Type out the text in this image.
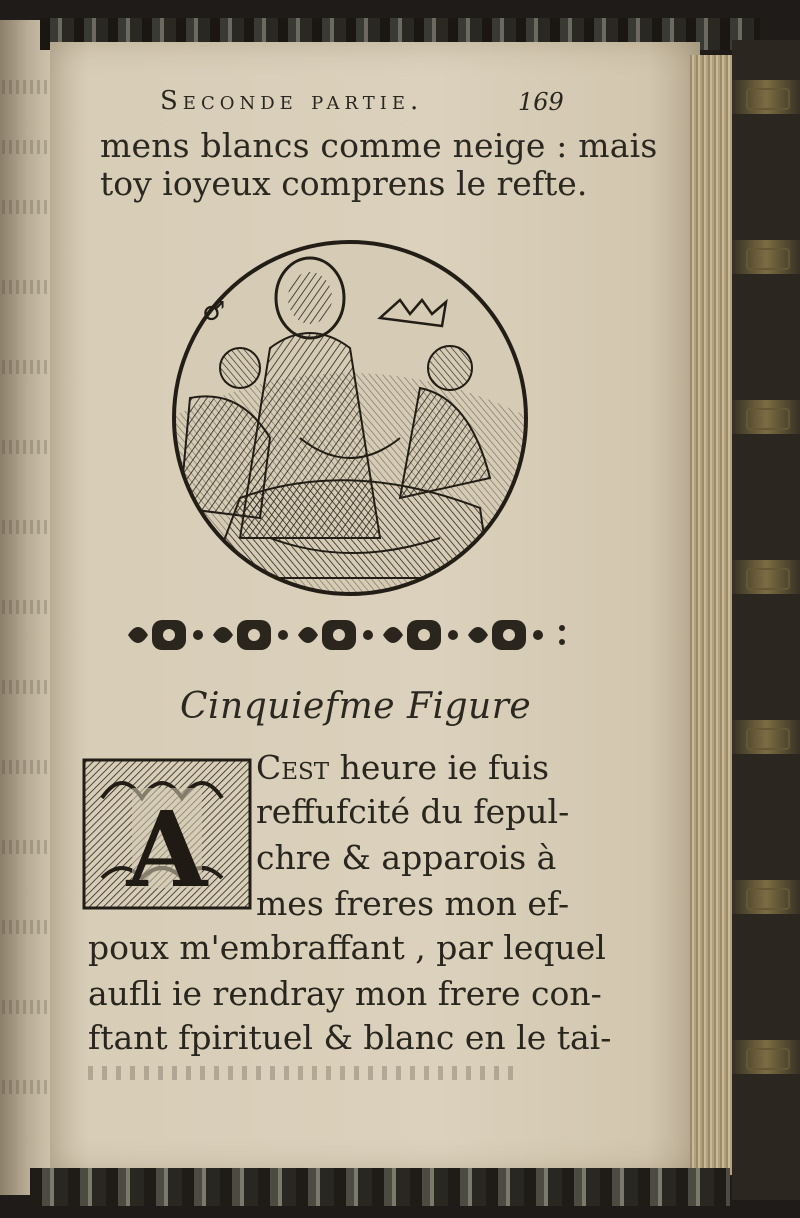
Seconde partie.	169
mens blancs comme neige : mais
toy ioyeux comprens le refte.
♂
Cinquiefme Figure
A
Cest heure ie fuis
reffufcité du fepul-
chre & apparois à
mes freres mon ef-
poux m'embraffant , par lequel
aufli ie rendray mon frere con-
ftant fpirituel & blanc en le tai-
